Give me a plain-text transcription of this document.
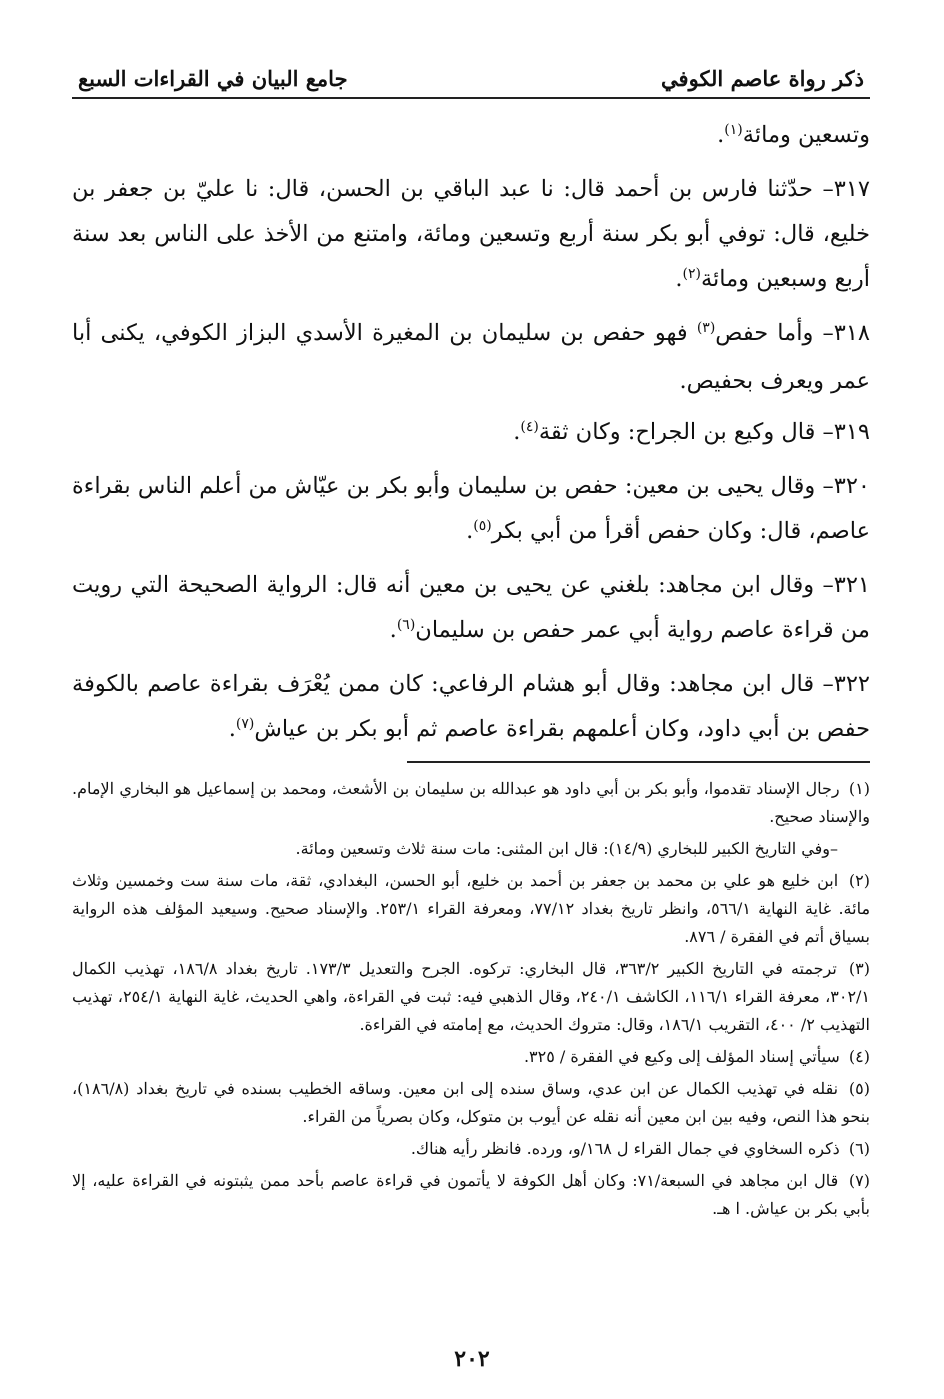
ذكر رواة عاصم الكوفي
جامع البيان في القراءات السبع

وتسعين ومائة$^{(١)}$.

٣١٧– حدّثنا فارس بن أحمد قال: نا عبد الباقي بن الحسن، قال: نا عليّ بن جعفر بن خليع، قال: توفي أبو بكر سنة أربع وتسعين ومائة، وامتنع من الأخذ على الناس بعد سنة أربع وسبعين ومائة$^{(٢)}$.

٣١٨– وأما حفص$^{(٣)}$ فهو حفص بن سليمان بن المغيرة الأسدي البزاز الكوفي، يكنى أبا عمر ويعرف بحفيص.

٣١٩– قال وكيع بن الجراح: وكان ثقة$^{(٤)}$.

٣٢٠– وقال يحيى بن معين: حفص بن سليمان وأبو بكر بن عيّاش من أعلم الناس بقراءة عاصم، قال: وكان حفص أقرأ من أبي بكر$^{(٥)}$.

٣٢١– وقال ابن مجاهد: بلغني عن يحيى بن معين أنه قال: الرواية الصحيحة التي رويت من قراءة عاصم رواية أبي عمر حفص بن سليمان$^{(٦)}$.

٣٢٢– قال ابن مجاهد: وقال أبو هشام الرفاعي: كان ممن يُعْرَف بقراءة عاصم بالكوفة حفص بن أبي داود، وكان أعلمهم بقراءة عاصم ثم أبو بكر بن عياش$^{(٧)}$.

(١) رجال الإسناد تقدموا، وأبو بكر بن أبي داود هو عبدالله بن سليمان بن الأشعث، ومحمد بن إسماعيل هو البخاري الإمام. والإسناد صحيح.

–وفي التاريخ الكبير للبخاري (١٤/٩): قال ابن المثنى: مات سنة ثلاث وتسعين ومائة.

(٢) ابن خليع هو علي بن محمد بن جعفر بن أحمد بن خليع، أبو الحسن، البغدادي، ثقة، مات سنة ست وخمسين وثلاث مائة. غاية النهاية ٥٦٦/١، وانظر تاريخ بغداد ٧٧/١٢، ومعرفة القراء ٢٥٣/١. والإسناد صحيح. وسيعيد المؤلف هذه الرواية بسياق أتم في الفقرة / ٨٧٦.

(٣) ترجمته في التاريخ الكبير ٣٦٣/٢، قال البخاري: تركوه. الجرح والتعديل ١٧٣/٣. تاريخ بغداد ١٨٦/٨، تهذيب الكمال ٣٠٢/١، معرفة القراء ١١٦/١، الكاشف ٢٤٠/١، وقال الذهبي فيه: ثبت في القراءة، واهي الحديث، غاية النهاية ٢٥٤/١، تهذيب التهذيب ٢/ ٤٠٠، التقريب ١٨٦/١، وقال: متروك الحديث، مع إمامته في القراءة.

(٤) سيأتي إسناد المؤلف إلى وكيع في الفقرة / ٣٢٥.

(٥) نقله في تهذيب الكمال عن ابن عدي، وساق سنده إلى ابن معين. وساقه الخطيب بسنده في تاريخ بغداد (١٨٦/٨)، بنحو هذا النص، وفيه بين ابن معين أنه نقله عن أيوب بن متوكل، وكان بصرياً من القراء.

(٦) ذكره السخاوي في جمال القراء ل ١٦٨/و، ورده. فانظر رأيه هناك.

(٧) قال ابن مجاهد في السبعة/٧١: وكان أهل الكوفة لا يأتمون في قراءة عاصم بأحد ممن يثبتونه في القراءة عليه، إلا بأبي بكر بن عياش. ا هـ.

٢٠٢
